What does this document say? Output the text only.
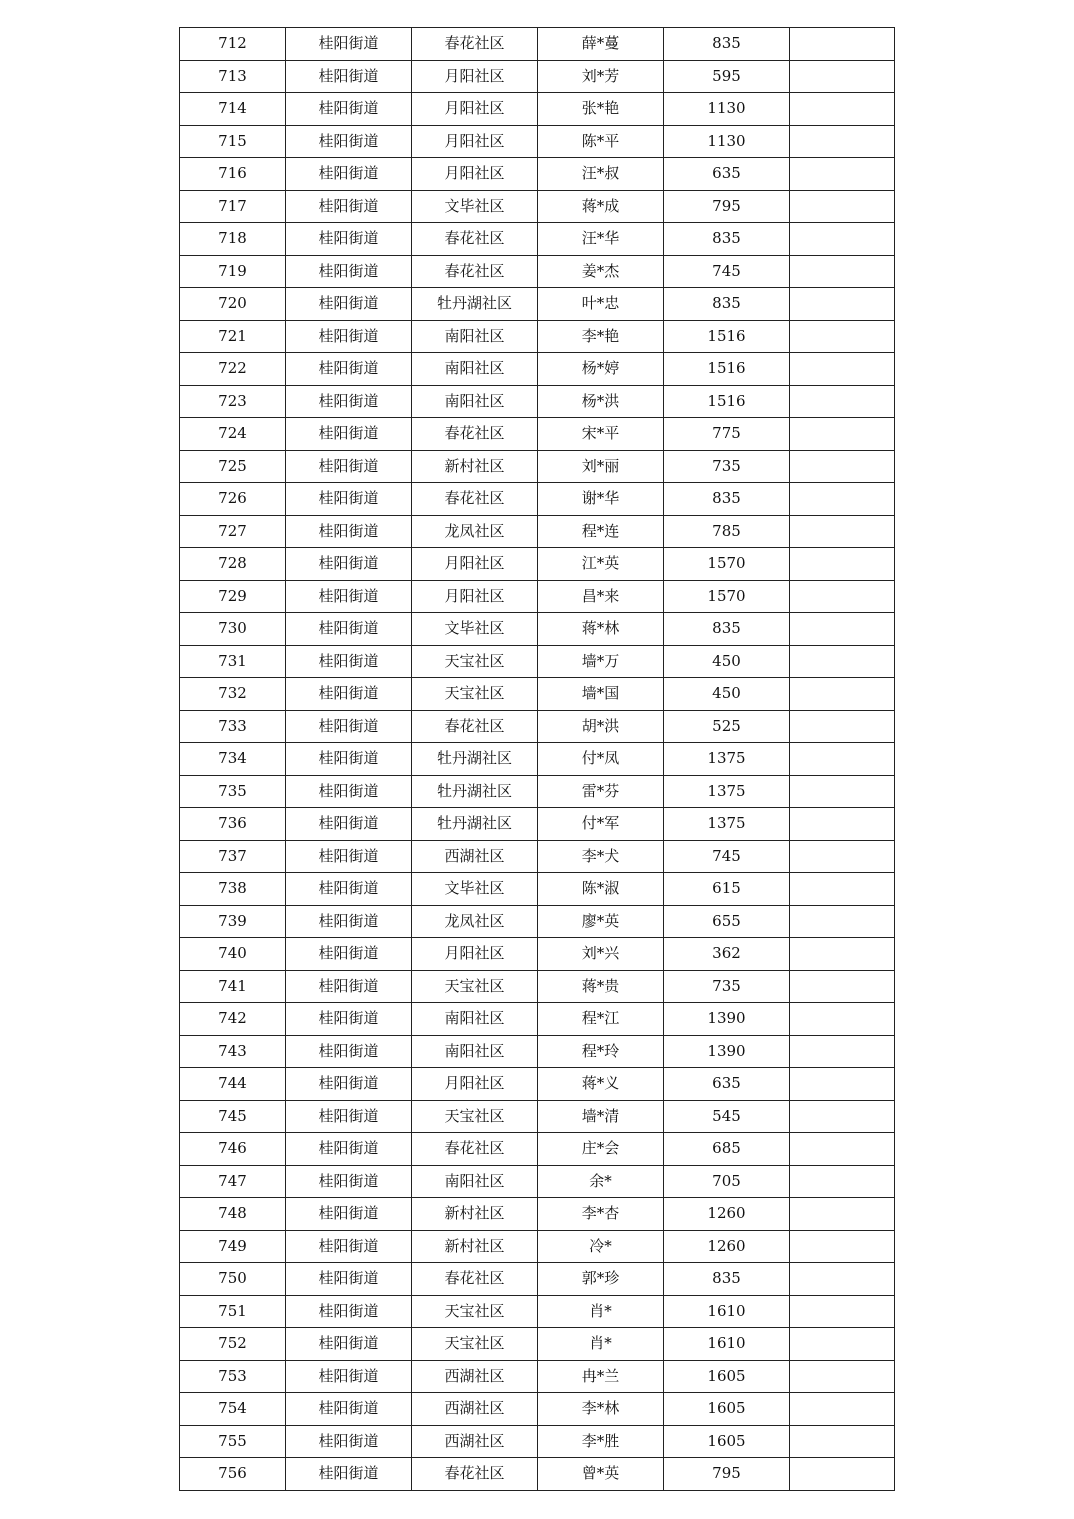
712	桂阳街道	春花社区	薛*蔓	835	
713	桂阳街道	月阳社区	刘*芳	595	
714	桂阳街道	月阳社区	张*艳	1130	
715	桂阳街道	月阳社区	陈*平	1130	
716	桂阳街道	月阳社区	汪*叔	635	
717	桂阳街道	文毕社区	蒋*成	795	
718	桂阳街道	春花社区	汪*华	835	
719	桂阳街道	春花社区	姜*杰	745	
720	桂阳街道	牡丹湖社区	叶*忠	835	
721	桂阳街道	南阳社区	李*艳	1516	
722	桂阳街道	南阳社区	杨*婷	1516	
723	桂阳街道	南阳社区	杨*洪	1516	
724	桂阳街道	春花社区	宋*平	775	
725	桂阳街道	新村社区	刘*丽	735	
726	桂阳街道	春花社区	谢*华	835	
727	桂阳街道	龙凤社区	程*连	785	
728	桂阳街道	月阳社区	江*英	1570	
729	桂阳街道	月阳社区	昌*来	1570	
730	桂阳街道	文毕社区	蒋*林	835	
731	桂阳街道	天宝社区	墙*万	450	
732	桂阳街道	天宝社区	墙*国	450	
733	桂阳街道	春花社区	胡*洪	525	
734	桂阳街道	牡丹湖社区	付*凤	1375	
735	桂阳街道	牡丹湖社区	雷*芬	1375	
736	桂阳街道	牡丹湖社区	付*军	1375	
737	桂阳街道	西湖社区	李*犬	745	
738	桂阳街道	文毕社区	陈*淑	615	
739	桂阳街道	龙凤社区	廖*英	655	
740	桂阳街道	月阳社区	刘*兴	362	
741	桂阳街道	天宝社区	蒋*贵	735	
742	桂阳街道	南阳社区	程*江	1390	
743	桂阳街道	南阳社区	程*玲	1390	
744	桂阳街道	月阳社区	蒋*义	635	
745	桂阳街道	天宝社区	墙*清	545	
746	桂阳街道	春花社区	庄*会	685	
747	桂阳街道	南阳社区	余*	705	
748	桂阳街道	新村社区	李*杏	1260	
749	桂阳街道	新村社区	冷*	1260	
750	桂阳街道	春花社区	郭*珍	835	
751	桂阳街道	天宝社区	肖*	1610	
752	桂阳街道	天宝社区	肖*	1610	
753	桂阳街道	西湖社区	冉*兰	1605	
754	桂阳街道	西湖社区	李*林	1605	
755	桂阳街道	西湖社区	李*胜	1605	
756	桂阳街道	春花社区	曾*英	795	
